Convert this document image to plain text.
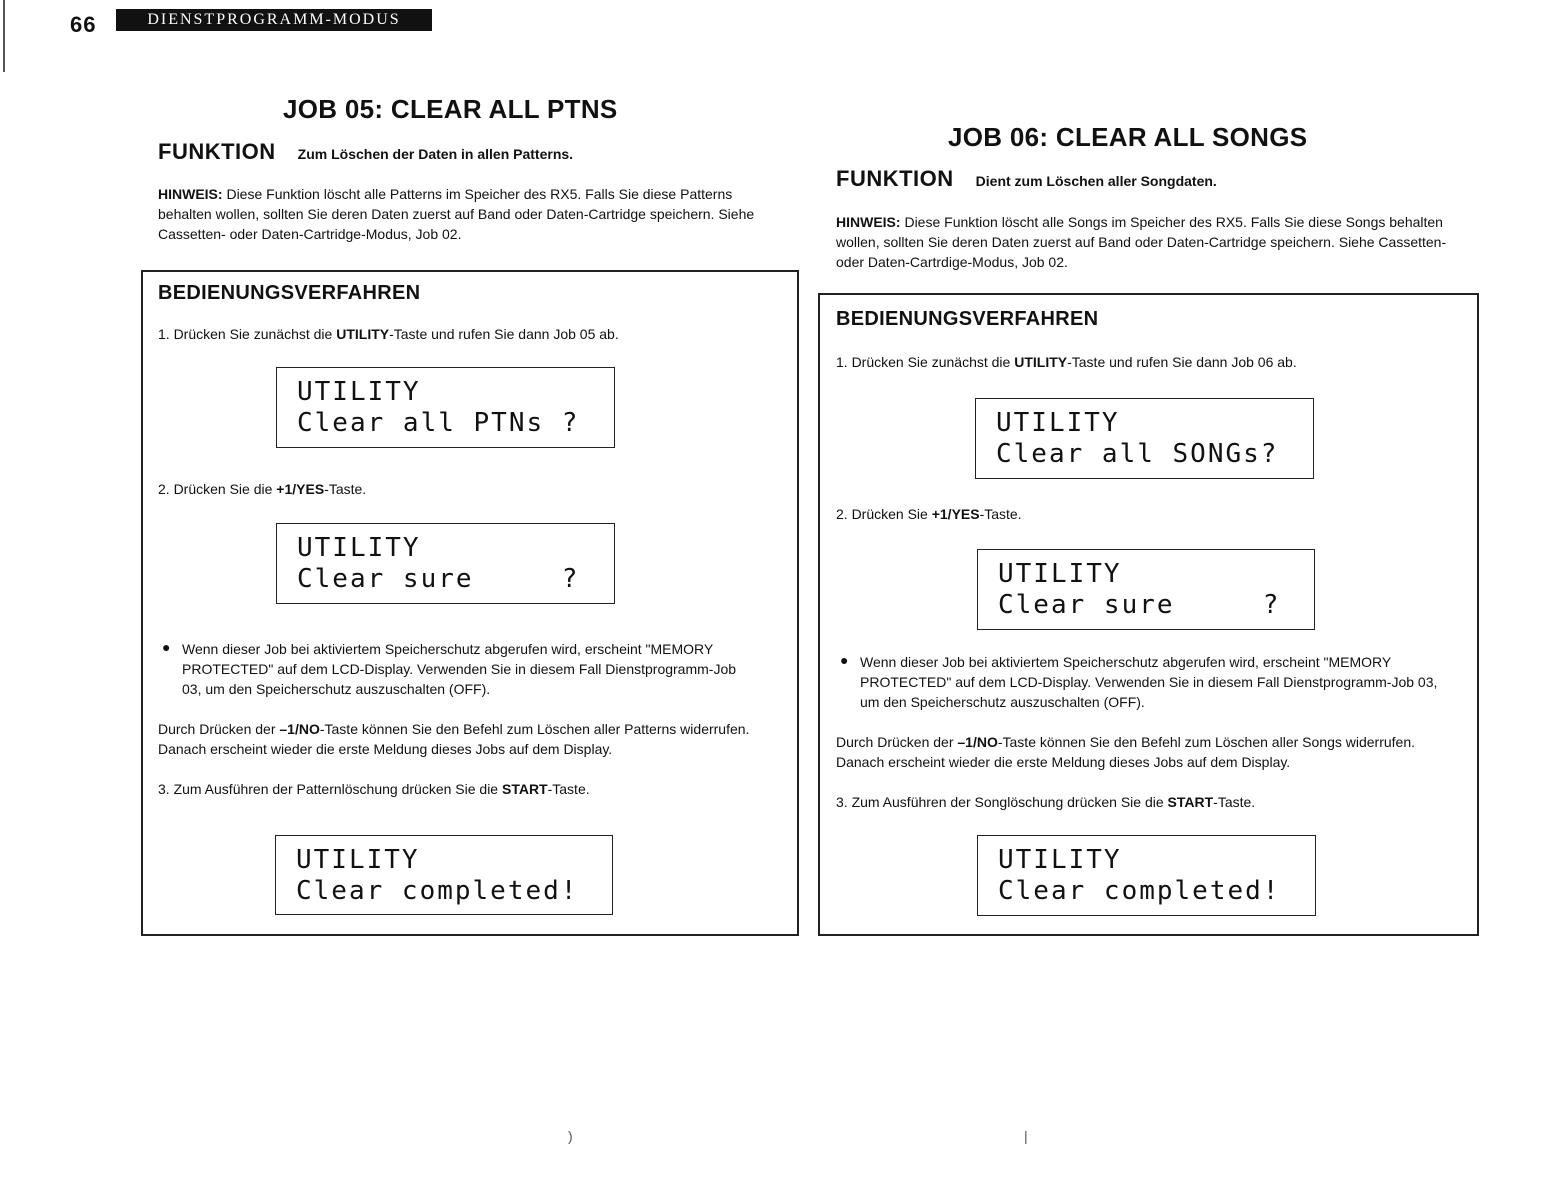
66	DIENSTPROGRAMM-MODUS
JOB 05: CLEAR ALL PTNS
FUNKTION Zum Löschen der Daten in allen Patterns.
HINWEIS: Diese Funktion löscht alle Patterns im Speicher des RX5. Falls Sie diese Patterns behalten wollen, sollten Sie deren Daten zuerst auf Band oder Daten-Cartridge speichern. Siehe Cassetten- oder Daten-Cartridge-Modus, Job 02.
BEDIENUNGSVERFAHREN
1. Drücken Sie zunächst die UTILITY-Taste und rufen Sie dann Job 05 ab.
UTILITY
Clear all PTNs ?
2. Drücken Sie die +1/YES-Taste.
UTILITY
Clear sure     ?
● Wenn dieser Job bei aktiviertem Speicherschutz abgerufen wird, erscheint "MEMORY PROTECTED" auf dem LCD-Display. Verwenden Sie in diesem Fall Dienstprogramm-Job 03, um den Speicherschutz auszuschalten (OFF).
Durch Drücken der –1/NO-Taste können Sie den Befehl zum Löschen aller Patterns widerrufen. Danach erscheint wieder die erste Meldung dieses Jobs auf dem Display.
3. Zum Ausführen der Patternlöschung drücken Sie die START-Taste.
UTILITY
Clear completed!
JOB 06: CLEAR ALL SONGS
FUNKTION Dient zum Löschen aller Songdaten.
HINWEIS: Diese Funktion löscht alle Songs im Speicher des RX5. Falls Sie diese Songs behalten wollen, sollten Sie deren Daten zuerst auf Band oder Daten-Cartridge speichern. Siehe Cassetten- oder Daten-Cartrdige-Modus, Job 02.
BEDIENUNGSVERFAHREN
1. Drücken Sie zunächst die UTILITY-Taste und rufen Sie dann Job 06 ab.
UTILITY
Clear all SONGs?
2. Drücken Sie +1/YES-Taste.
UTILITY
Clear sure     ?
● Wenn dieser Job bei aktiviertem Speicherschutz abgerufen wird, erscheint "MEMORY PROTECTED" auf dem LCD-Display. Verwenden Sie in diesem Fall Dienstprogramm-Job 03, um den Speicherschutz auszuschalten (OFF).
Durch Drücken der –1/NO-Taste können Sie den Befehl zum Löschen aller Songs widerrufen. Danach erscheint wieder die erste Meldung dieses Jobs auf dem Display.
3. Zum Ausführen der Songlöschung drücken Sie die START-Taste.
UTILITY
Clear completed!
)	|
